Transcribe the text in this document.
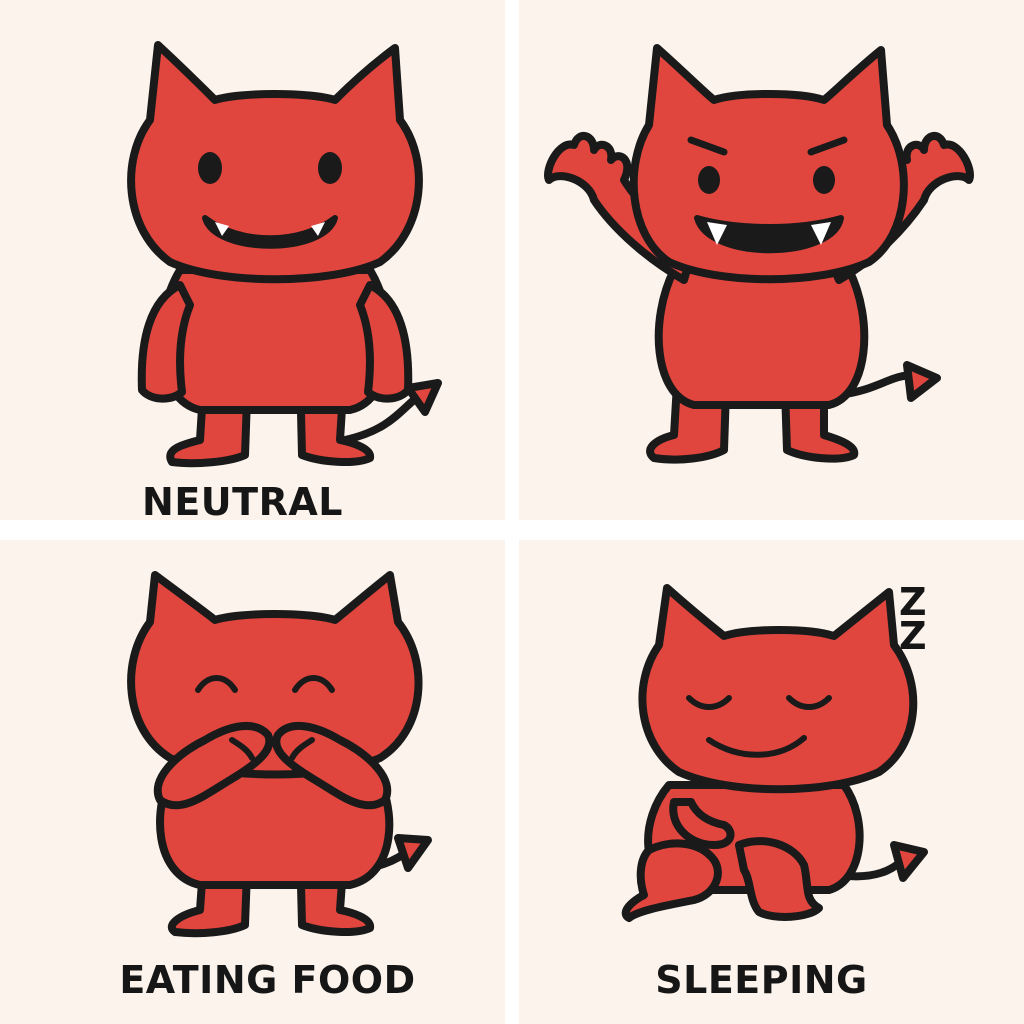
NEUTRAL
EATING FOOD
ZZ
SLEEPING
